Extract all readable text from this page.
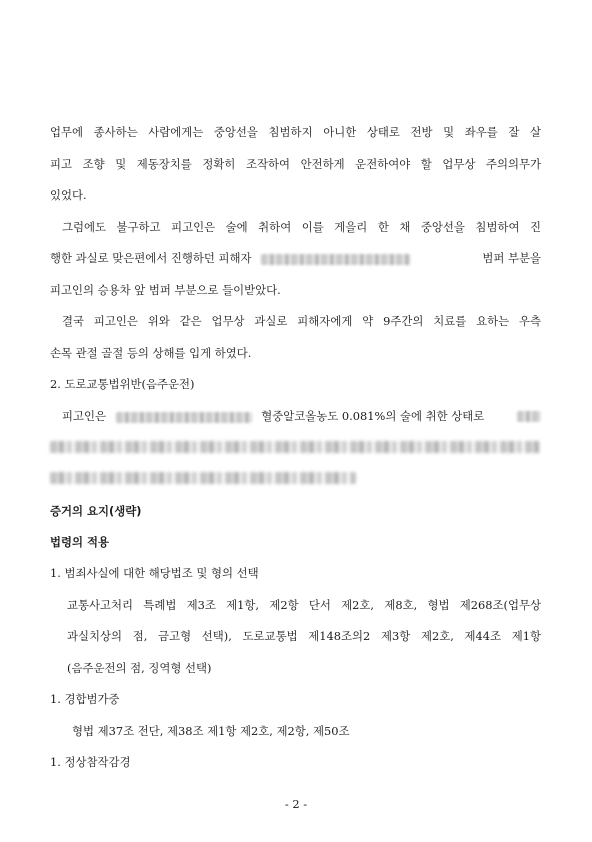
업무에 종사하는 사람에게는 중앙선을 침범하지 아니한 상태로 전방 및 좌우를 잘 살
피고 조향 및 제동장치를 정확히 조작하여 안전하게 운전하여야 할 업무상 주의의무가
있었다.
그럼에도 불구하고 피고인은 술에 취하여 이를 게을리 한 채 중앙선을 침범하여 진
행한 과실로 맞은편에서 진행하던 피해자	범퍼 부분을
피고인의 승용차 앞 범퍼 부분으로 들이받았다.
결국 피고인은 위와 같은 업무상 과실로 피해자에게 약 9주간의 치료를 요하는 우측
손목 관절 골절 등의 상해를 입게 하였다.
2. 도로교통법위반(음주운전)
피고인은	혈중알코올농도 0.081%의 술에 취한 상태로
증거의 요지(생략)
법령의 적용
1. 범죄사실에 대한 해당법조 및 형의 선택
교통사고처리 특례법 제3조 제1항, 제2항 단서 제2호, 제8호, 형법 제268조(업무상
과실치상의 점, 금고형 선택), 도로교통법 제148조의2 제3항 제2호, 제44조 제1항
(음주운전의 점, 징역형 선택)
1. 경합범가중
형법 제37조 전단, 제38조 제1항 제2호, 제2항, 제50조
1. 정상참작감경
- 2 -
